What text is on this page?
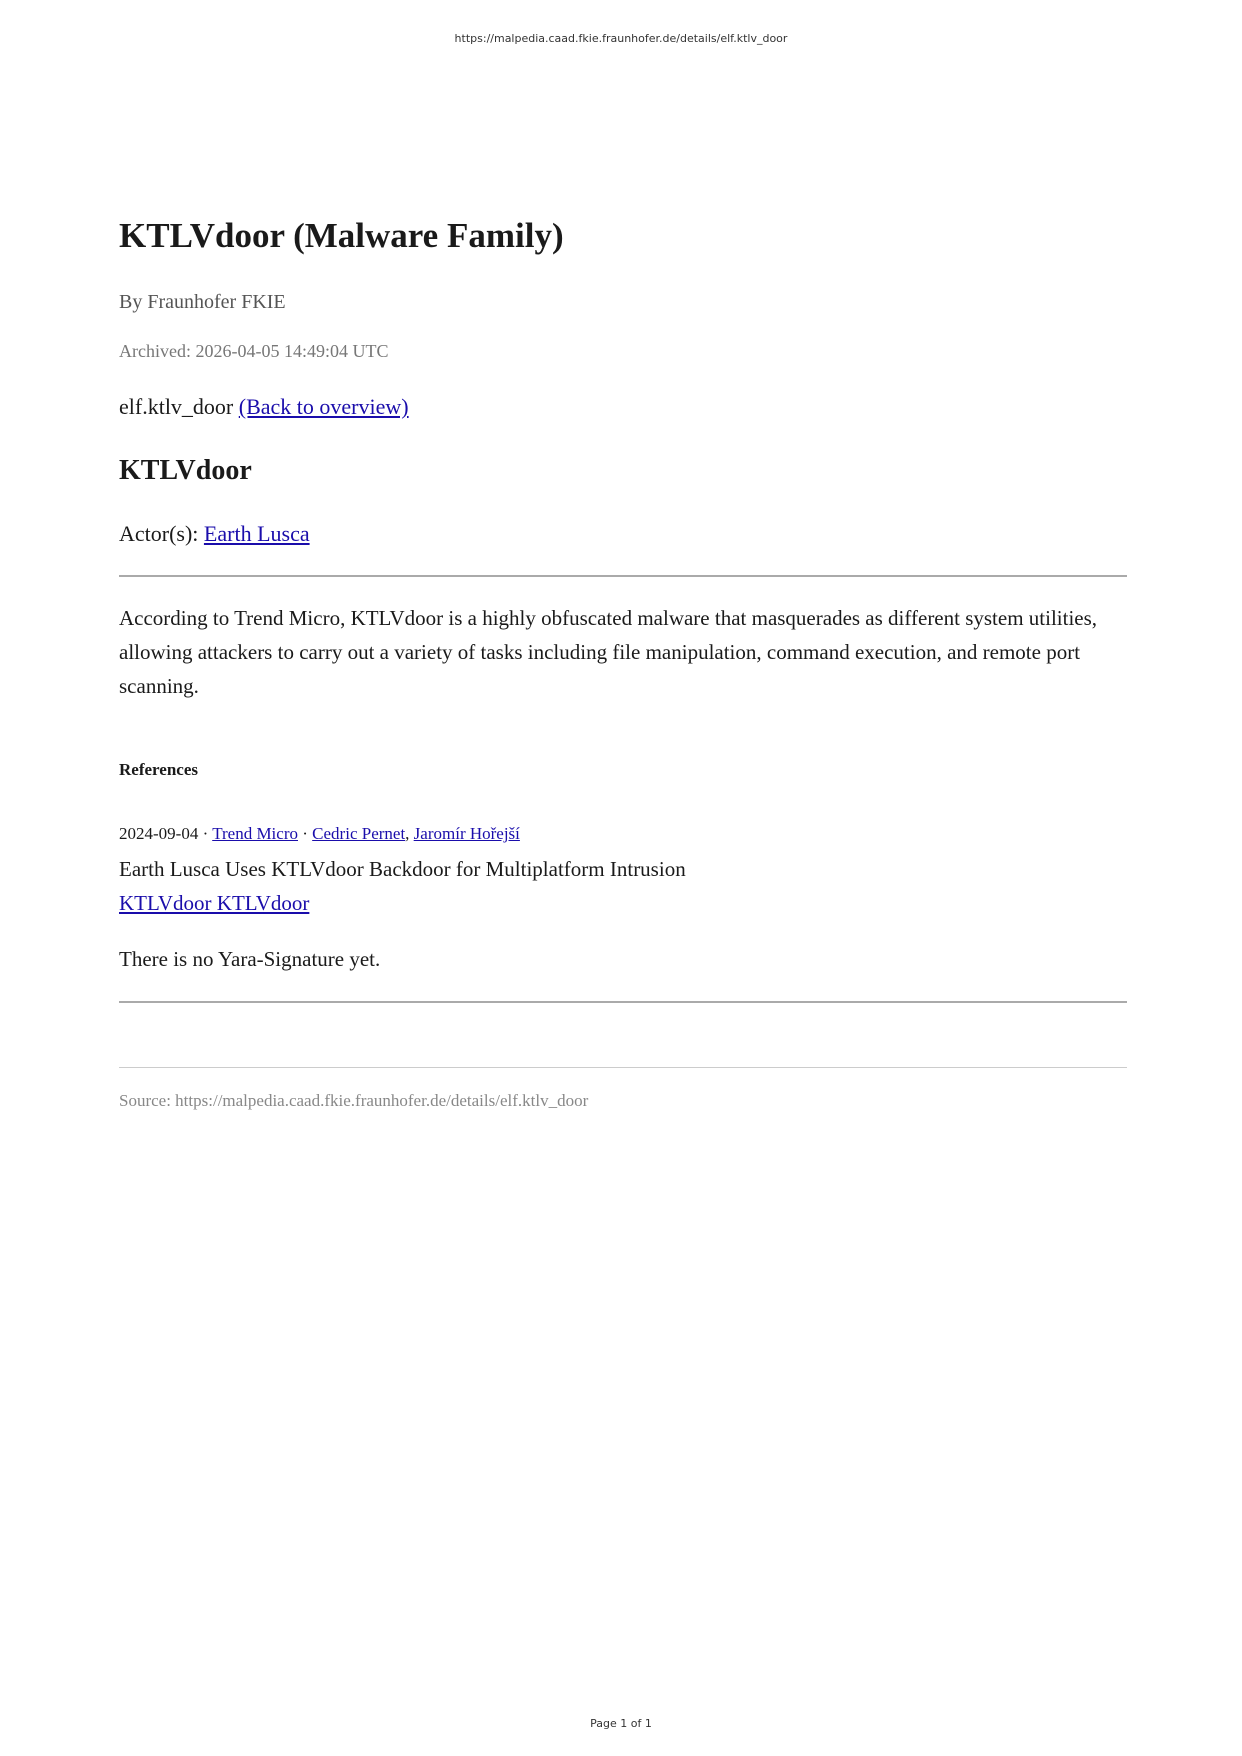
https://malpedia.caad.fkie.fraunhofer.de/details/elf.ktlv_door
KTLVdoor (Malware Family)
By Fraunhofer FKIE
Archived: 2026-04-05 14:49:04 UTC
elf.ktlv_door (Back to overview)
KTLVdoor
Actor(s): Earth Lusca

According to Trend Micro, KTLVdoor is a highly obfuscated malware that masquerades as different system utilities, allowing attackers to carry out a variety of tasks including file manipulation, command execution, and remote port scanning.

References
2024-09-04 · Trend Micro · Cedric Pernet, Jaromír Hořejší
Earth Lusca Uses KTLVdoor Backdoor for Multiplatform Intrusion
KTLVdoor KTLVdoor
There is no Yara-Signature yet.
Source: https://malpedia.caad.fkie.fraunhofer.de/details/elf.ktlv_door
Page 1 of 1
